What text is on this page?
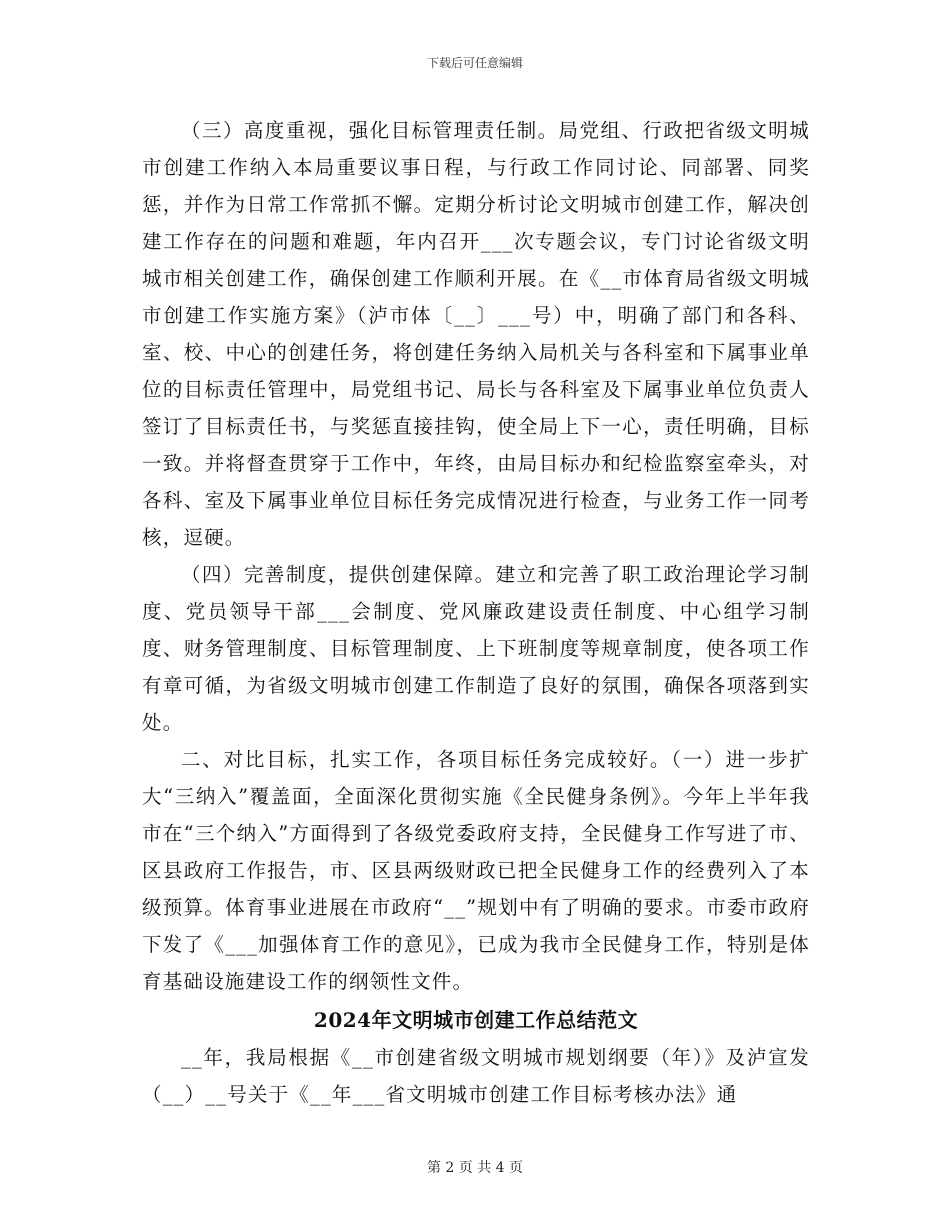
下载后可任意编辑

（三）高度重视，强化目标管理责任制。局党组、行政把省级文明城市创建工作纳入本局重要议事日程，与行政工作同讨论、同部署、同奖惩，并作为日常工作常抓不懈。定期分析讨论文明城市创建工作，解决创建工作存在的问题和难题，年内召开___次专题会议，专门讨论省级文明城市相关创建工作，确保创建工作顺利开展。在《__市体育局省级文明城市创建工作实施方案》（泸市体〔__〕___号）中，明确了部门和各科、室、校、中心的创建任务，将创建任务纳入局机关与各科室和下属事业单位的目标责任管理中，局党组书记、局长与各科室及下属事业单位负责人签订了目标责任书，与奖惩直接挂钩，使全局上下一心，责任明确，目标一致。并将督查贯穿于工作中，年终，由局目标办和纪检监察室牵头，对各科、室及下属事业单位目标任务完成情况进行检查，与业务工作一同考核，逗硬。

（四）完善制度，提供创建保障。建立和完善了职工政治理论学习制度、党员领导干部___会制度、党风廉政建设责任制度、中心组学习制度、财务管理制度、目标管理制度、上下班制度等规章制度，使各项工作有章可循，为省级文明城市创建工作制造了良好的氛围，确保各项落到实处。

二、对比目标，扎实工作，各项目标任务完成较好。（一）进一步扩大“三纳入”覆盖面，全面深化贯彻实施《全民健身条例》。今年上半年我市在“三个纳入”方面得到了各级党委政府支持，全民健身工作写进了市、区县政府工作报告，市、区县两级财政已把全民健身工作的经费列入了本级预算。体育事业进展在市政府“__”规划中有了明确的要求。市委市政府下发了《___加强体育工作的意见》，已成为我市全民健身工作，特别是体育基础设施建设工作的纲领性文件。

2024年文明城市创建工作总结范文

__年，我局根据《__市创建省级文明城市规划纲要（年）》及泸宣发（__）__号关于《__年___省文明城市创建工作目标考核办法》通

第 2 页 共 4 页
